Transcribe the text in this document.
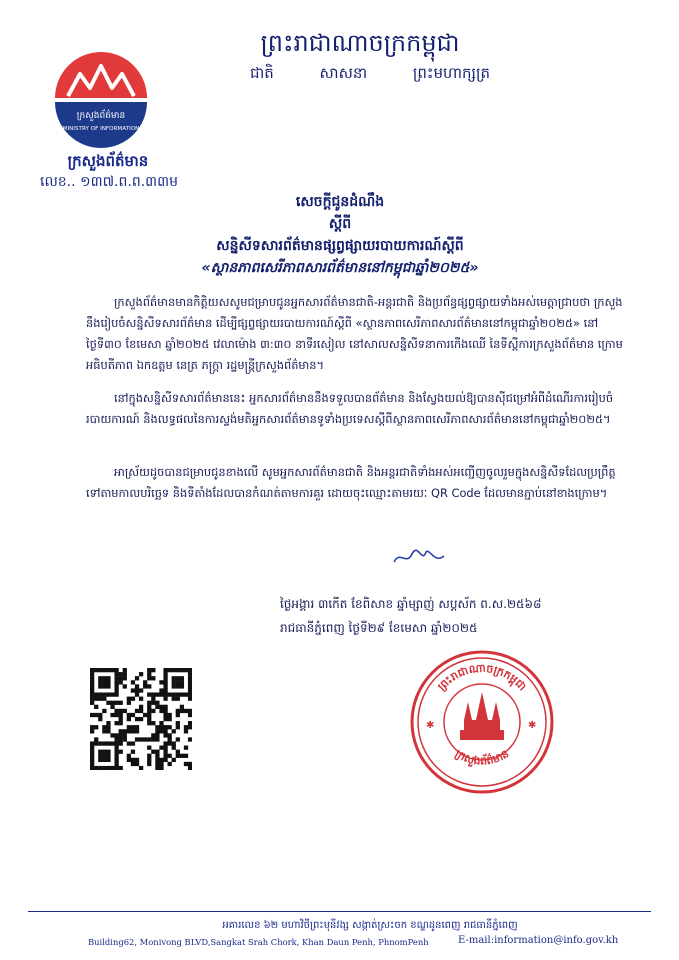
ព្រះរាជាណាចក្រកម្ពុជា
ជាតិ	សាសនា	ព្រះមហាក្សត្រ
ក្រសួងព័ត៌មាន
MINISTRY OF INFORMATION
ក្រសួងព័ត៌មាន
លេខ.. ១៣៧.ព.ព.៣៣ម
សេចក្តីជូនដំណឹង
ស្តីពី
សន្និសីទសារព័ត៌មានផ្សព្វផ្សាយរបាយការណ៍ស្តីពី
«ស្ថានភាពសេរីភាពសារព័ត៌មាននៅកម្ពុជាឆ្នាំ២០២៥»
ក្រសួងព័ត៌មានមានកិត្តិយសសូមជម្រាបជូនអ្នកសារព័ត៌មានជាតិ-អន្តរជាតិ និងប្រព័ន្ធផ្សព្វផ្សាយទាំងអស់មេត្តាជ្រាបថា ក្រសួងនឹងរៀបចំសន្និសីទសារព័ត៌មាន ដើម្បីផ្សព្វផ្សាយរបាយការណ៍ស្តីពី «ស្ថានភាពសេរីភាពសារព័ត៌មាននៅកម្ពុជាឆ្នាំ២០២៥» នៅថ្ងៃទី៣០ ខែមេសា ឆ្នាំ២០២៥ វេលាម៉ោង ៣:៣០ នាទីរសៀល នៅសាលសន្និសីទនាការកើងឈើ នៃទីស្តីការក្រសួងព័ត៌មាន ក្រោមអធិបតីភាព ឯកឧត្តម នេត្រ ភក្ត្រា រដ្ឋមន្ត្រីក្រសួងព័ត៌មាន។
នៅក្នុងសន្និសីទសារព័ត៌មាននេះ អ្នកសារព័ត៌មាននឹងទទួលបានព័ត៌មាន និងស្វែងយល់ឱ្យបានស៊ីជម្រៅអំពីដំណើរការរៀបចំរបាយការណ៍ និងលទ្ធផលនៃការស្ទង់មតិអ្នកសារព័ត៌មានទូទាំងប្រទេសស្តីពីស្ថានភាពសេរីភាពសារព័ត៌មាននៅកម្ពុជាឆ្នាំ២០២៥។
អាស្រ័យដូចបានជម្រាបជូនខាងលើ សូមអ្នកសារព័ត៌មានជាតិ និងអន្តរជាតិទាំងអស់អញ្ជើញចូលរួមក្នុងសន្និសីទដែលប្រព្រឹត្តទៅតាមកាលបរិច្ឆេទ និងទីតាំងដែលបានកំណត់តាមការគួរ ដោយចុះឈ្មោះតាមរយៈ QR Code ដែលមានភ្ជាប់នៅខាងក្រោម។
ថ្ងៃអង្គារ ៣កើត ខែពិសាខ ឆ្នាំម្សាញ់ សប្តស័ក ព.ស.២៥៦៨
រាជធានីភ្នំពេញ ថ្ងៃទី២៩ ខែមេសា ឆ្នាំ២០២៥
ព្រះរាជាណាចក្រកម្ពុជា
ក្រសួងព័ត៌មាន
✱	✱
អគារលេខ ៦២ មហាវិថីព្រះមុនីវង្ស សង្កាត់ស្រះចក ខណ្ឌដូនពេញ រាជធានីភ្នំពេញ
Building62, Monivong BLVD,Sangkat Srah Chork, Khan Daun Penh, PhnomPenh	E-mail:information@info.gov.kh
